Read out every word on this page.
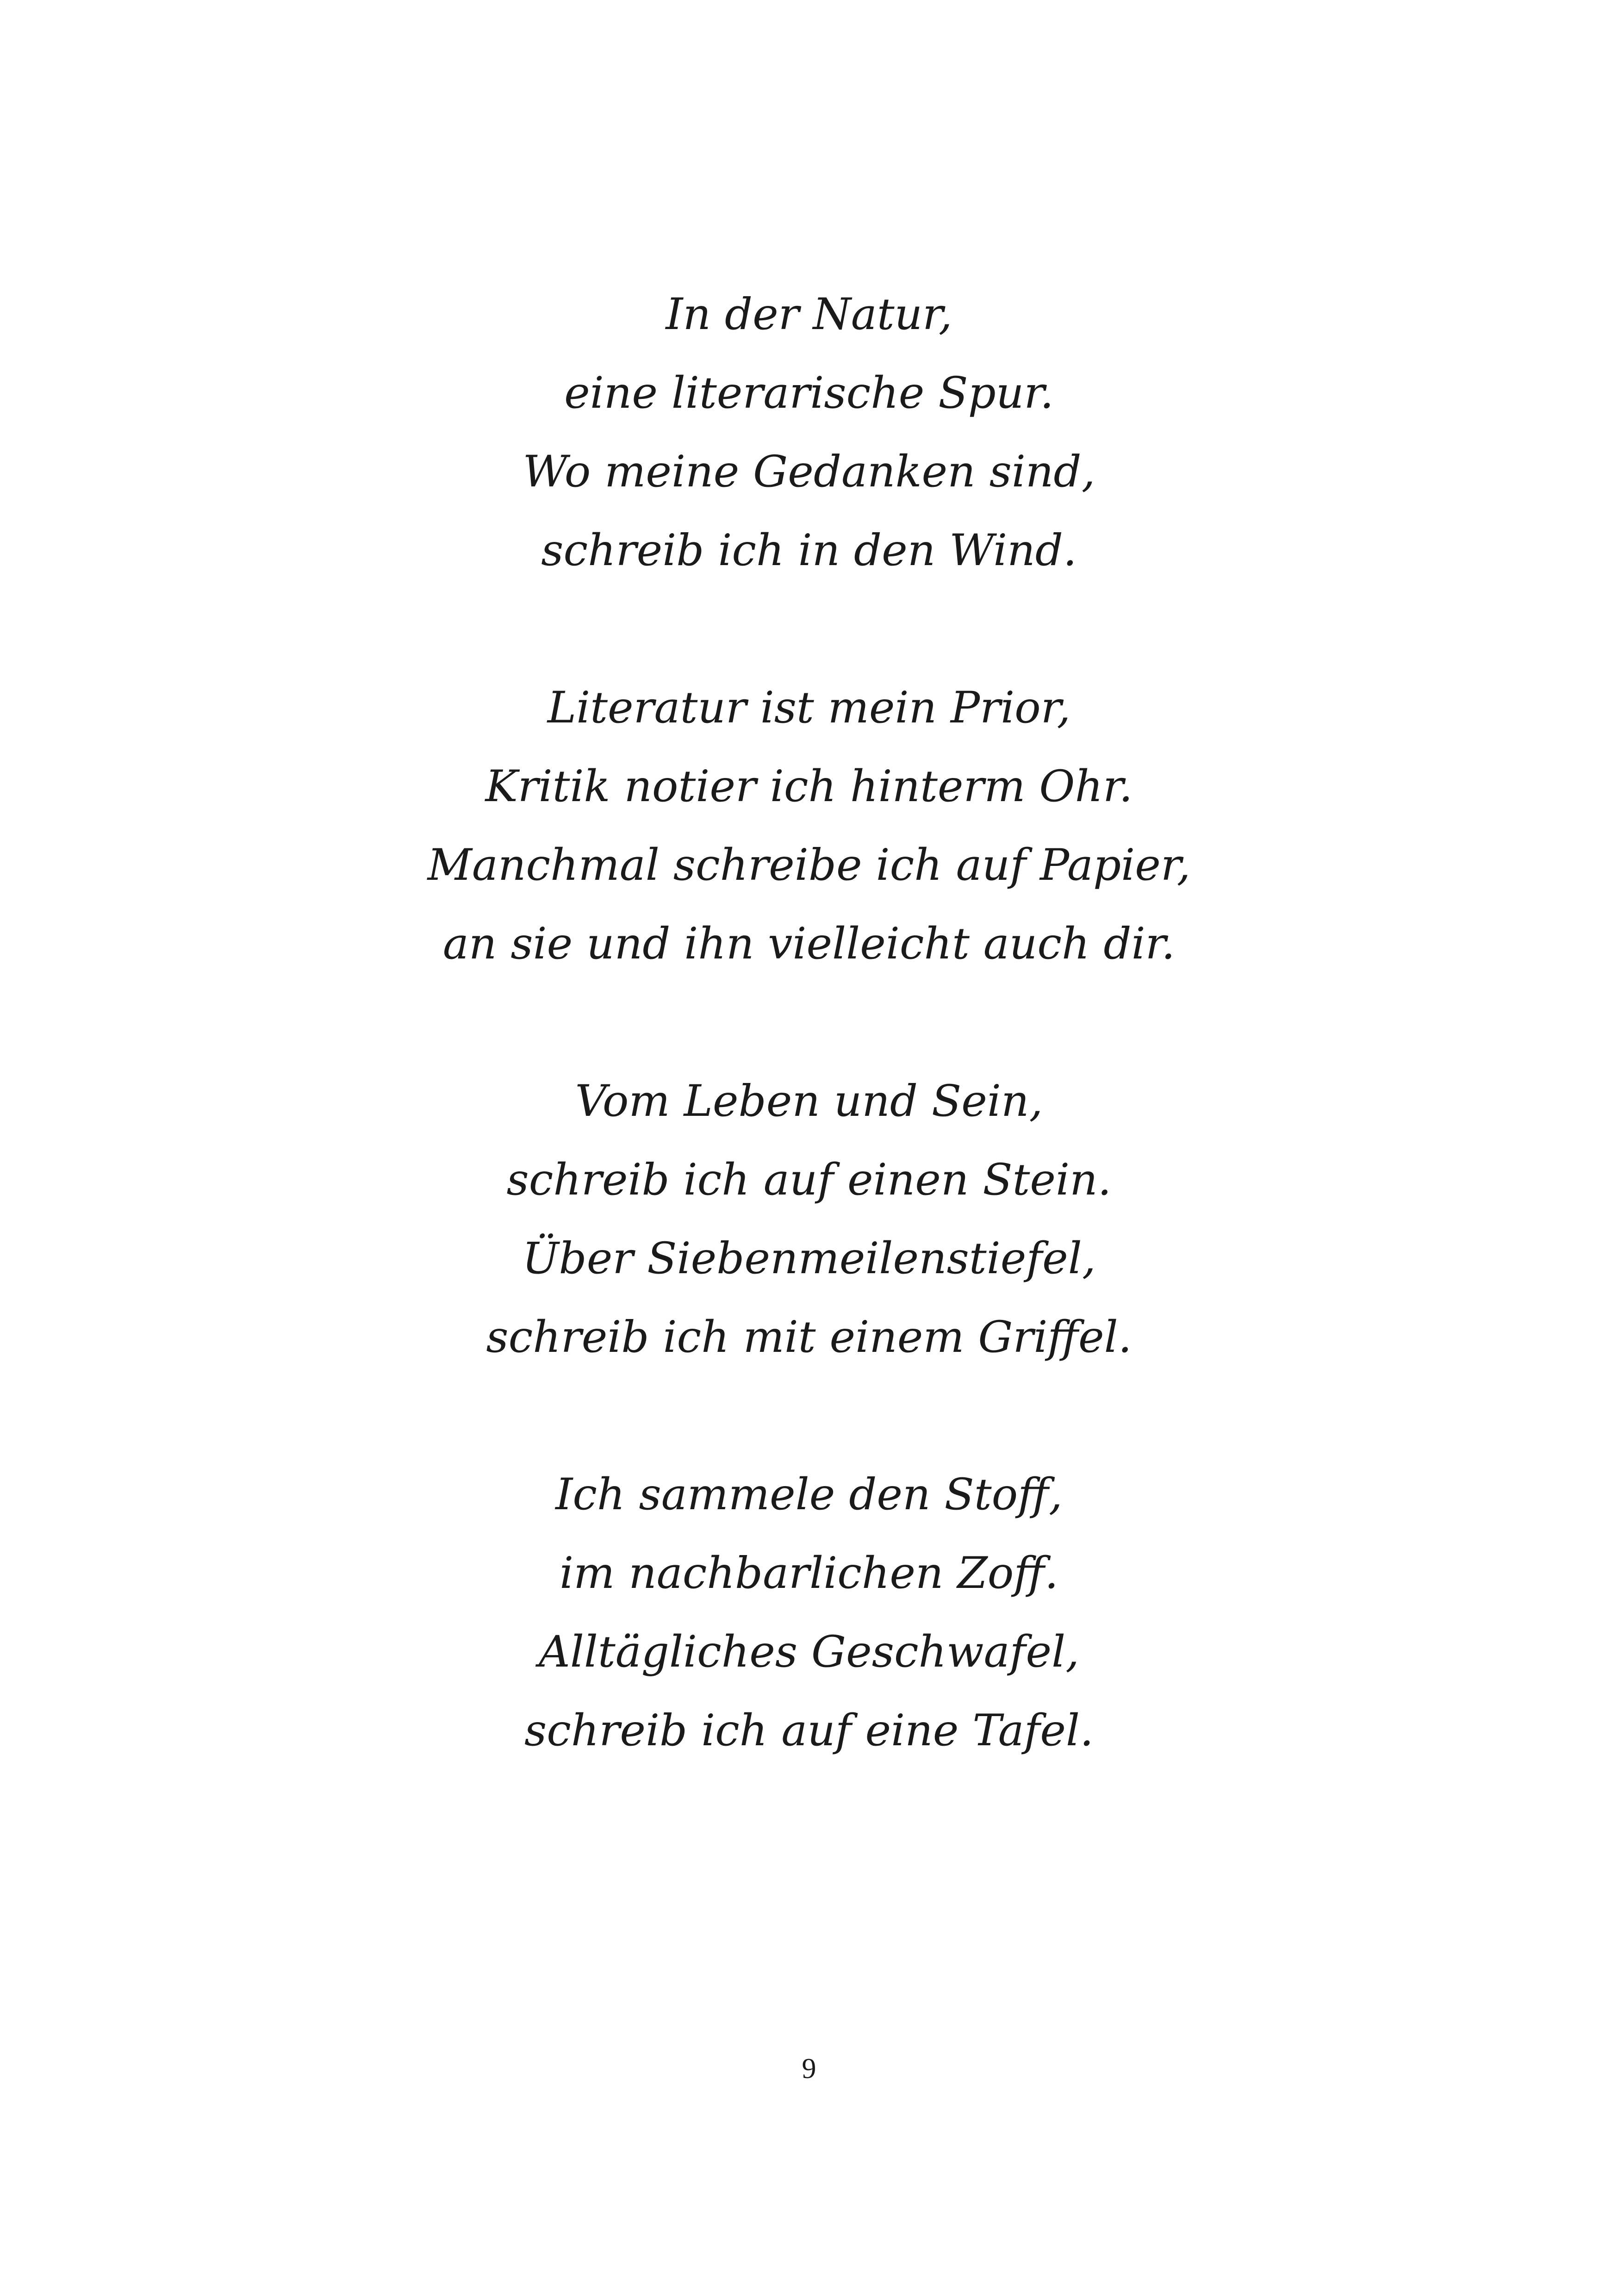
In der Natur,
eine literarische Spur.
Wo meine Gedanken sind,
schreib ich in den Wind.
Literatur ist mein Prior,
Kritik notier ich hinterm Ohr.
Manchmal schreibe ich auf Papier,
an sie und ihn vielleicht auch dir.
Vom Leben und Sein,
schreib ich auf einen Stein.
Über Siebenmeilenstiefel,
schreib ich mit einem Griffel.
Ich sammele den Stoff,
im nachbarlichen Zoff.
Alltägliches Geschwafel,
schreib ich auf eine Tafel.
9
